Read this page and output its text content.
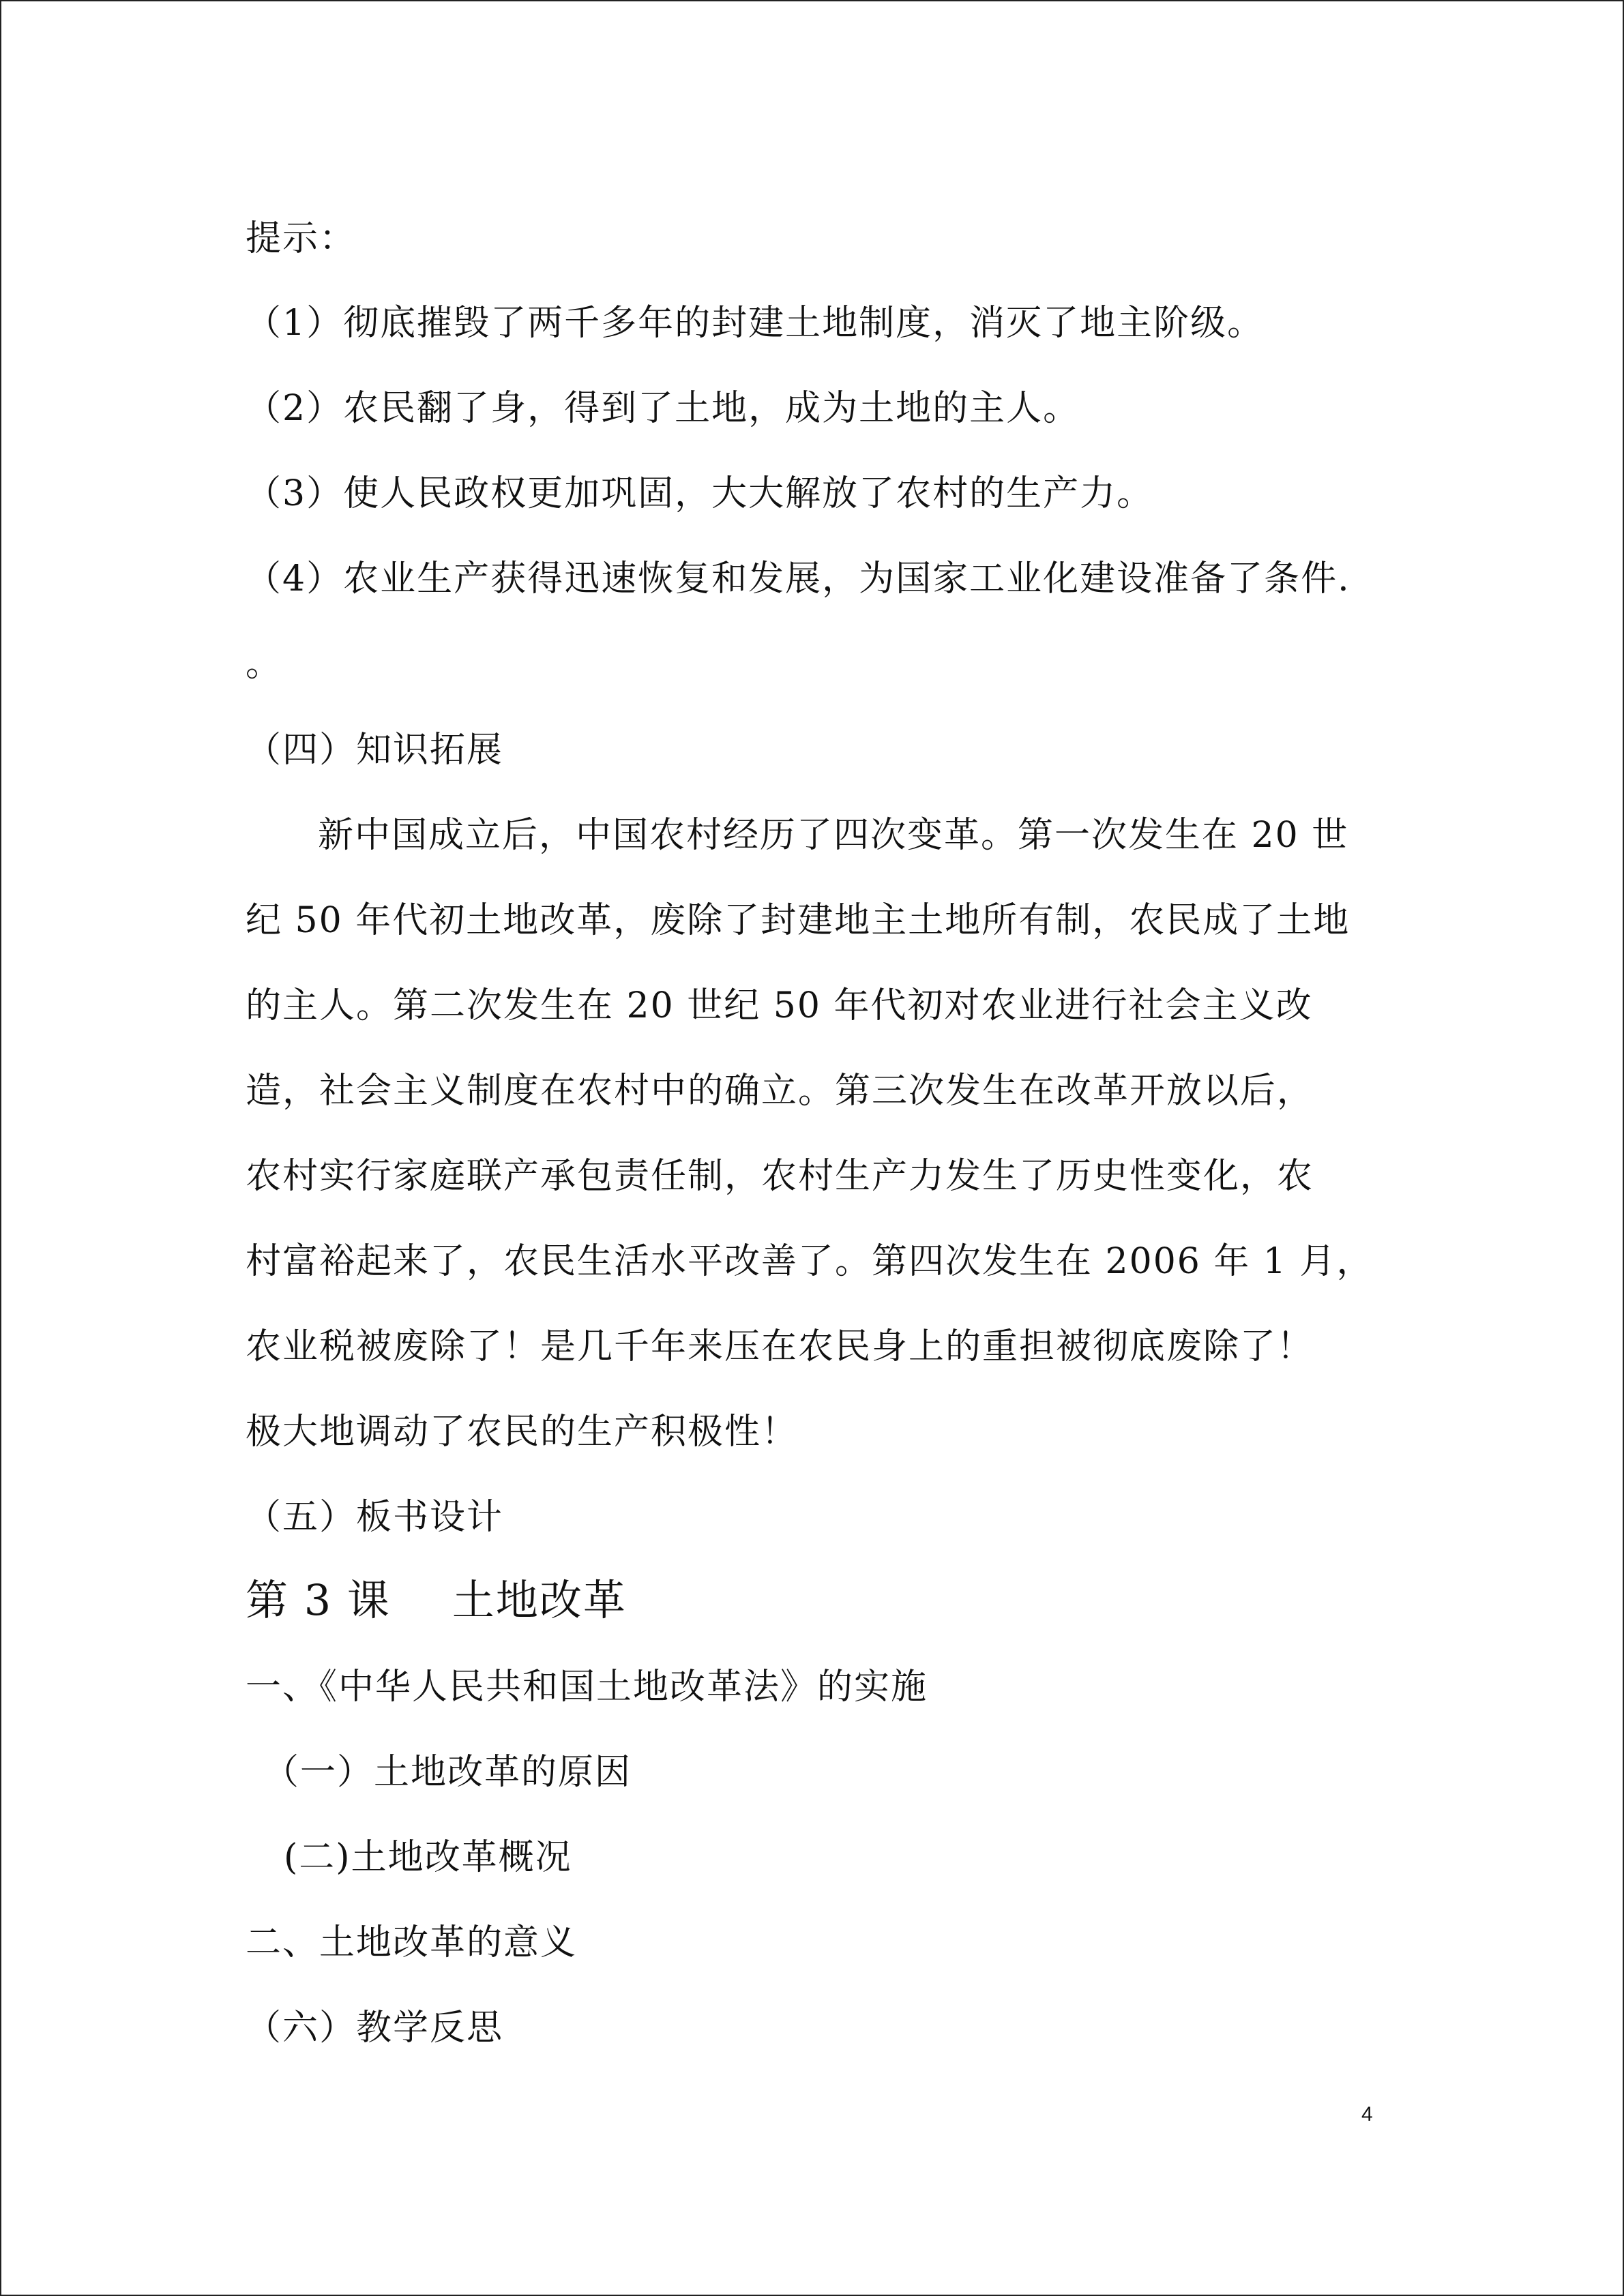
提示：
（1）彻底摧毁了两千多年的封建土地制度，消灭了地主阶级。
（2）农民翻了身，得到了土地，成为土地的主人。
（3）使人民政权更加巩固，大大解放了农村的生产力。
（4）农业生产获得迅速恢复和发展，为国家工业化建设准备了条件.
。
（四）知识拓展
新中国成立后，中国农村经历了四次变革。第一次发生在 20 世
纪 50 年代初土地改革，废除了封建地主土地所有制，农民成了土地
的主人。第二次发生在 20 世纪 50 年代初对农业进行社会主义改
造，社会主义制度在农村中的确立。第三次发生在改革开放以后，
农村实行家庭联产承包责任制，农村生产力发生了历史性变化，农
村富裕起来了，农民生活水平改善了。第四次发生在 2006 年 1 月，
农业税被废除了！是几千年来压在农民身上的重担被彻底废除了！
极大地调动了农民的生产积极性！
（五）板书设计
第 3 课 土地改革
一、《中华人民共和国土地改革法》的实施
（一）土地改革的原因
(二)土地改革概况
二、土地改革的意义
（六）教学反思
4
